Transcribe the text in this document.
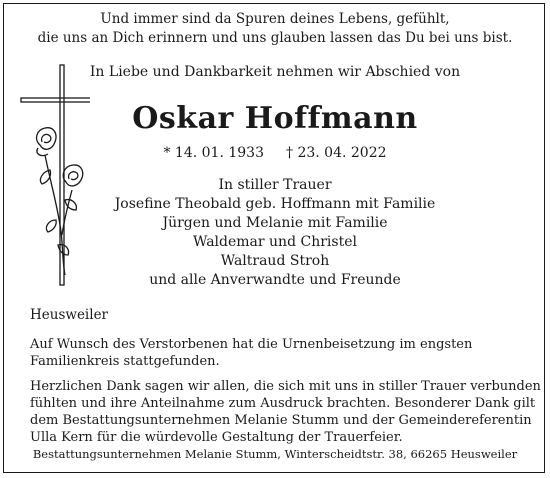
Und immer sind da Spuren deines Lebens, gefühlt,
die uns an Dich erinnern und uns glauben lassen das Du bei uns bist.
In Liebe und Dankbarkeit nehmen wir Abschied von
Oskar Hoffmann
* 14. 01. 1933 † 23. 04. 2022
In stiller Trauer
Josefine Theobald geb. Hoffmann mit Familie
Jürgen und Melanie mit Familie
Waldemar und Christel
Waltraud Stroh
und alle Anverwandte und Freunde
Heusweiler
Auf Wunsch des Verstorbenen hat die Urnenbeisetzung im engsten
Familienkreis stattgefunden.
Herzlichen Dank sagen wir allen, die sich mit uns in stiller Trauer verbunden
fühlten und ihre Anteilnahme zum Ausdruck brachten. Besonderer Dank gilt
dem Bestattungsunternehmen Melanie Stumm und der Gemeindereferentin
Ulla Kern für die würdevolle Gestaltung der Trauerfeier.
Bestattungsunternehmen Melanie Stumm, Winterscheidtstr. 38, 66265 Heusweiler
